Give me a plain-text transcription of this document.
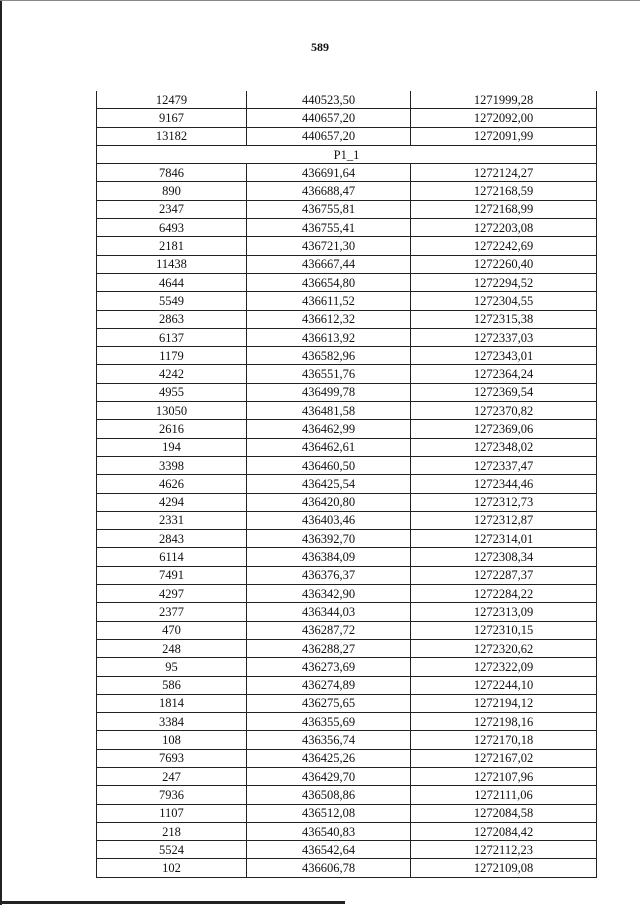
589
12479	440523,50	1271999,28
9167	440657,20	1272092,00
13182	440657,20	1272091,99
Р1_1		
7846	436691,64	1272124,27
890	436688,47	1272168,59
2347	436755,81	1272168,99
6493	436755,41	1272203,08
2181	436721,30	1272242,69
11438	436667,44	1272260,40
4644	436654,80	1272294,52
5549	436611,52	1272304,55
2863	436612,32	1272315,38
6137	436613,92	1272337,03
1179	436582,96	1272343,01
4242	436551,76	1272364,24
4955	436499,78	1272369,54
13050	436481,58	1272370,82
2616	436462,99	1272369,06
194	436462,61	1272348,02
3398	436460,50	1272337,47
4626	436425,54	1272344,46
4294	436420,80	1272312,73
2331	436403,46	1272312,87
2843	436392,70	1272314,01
6114	436384,09	1272308,34
7491	436376,37	1272287,37
4297	436342,90	1272284,22
2377	436344,03	1272313,09
470	436287,72	1272310,15
248	436288,27	1272320,62
95	436273,69	1272322,09
586	436274,89	1272244,10
1814	436275,65	1272194,12
3384	436355,69	1272198,16
108	436356,74	1272170,18
7693	436425,26	1272167,02
247	436429,70	1272107,96
7936	436508,86	1272111,06
1107	436512,08	1272084,58
218	436540,83	1272084,42
5524	436542,64	1272112,23
102	436606,78	1272109,08
